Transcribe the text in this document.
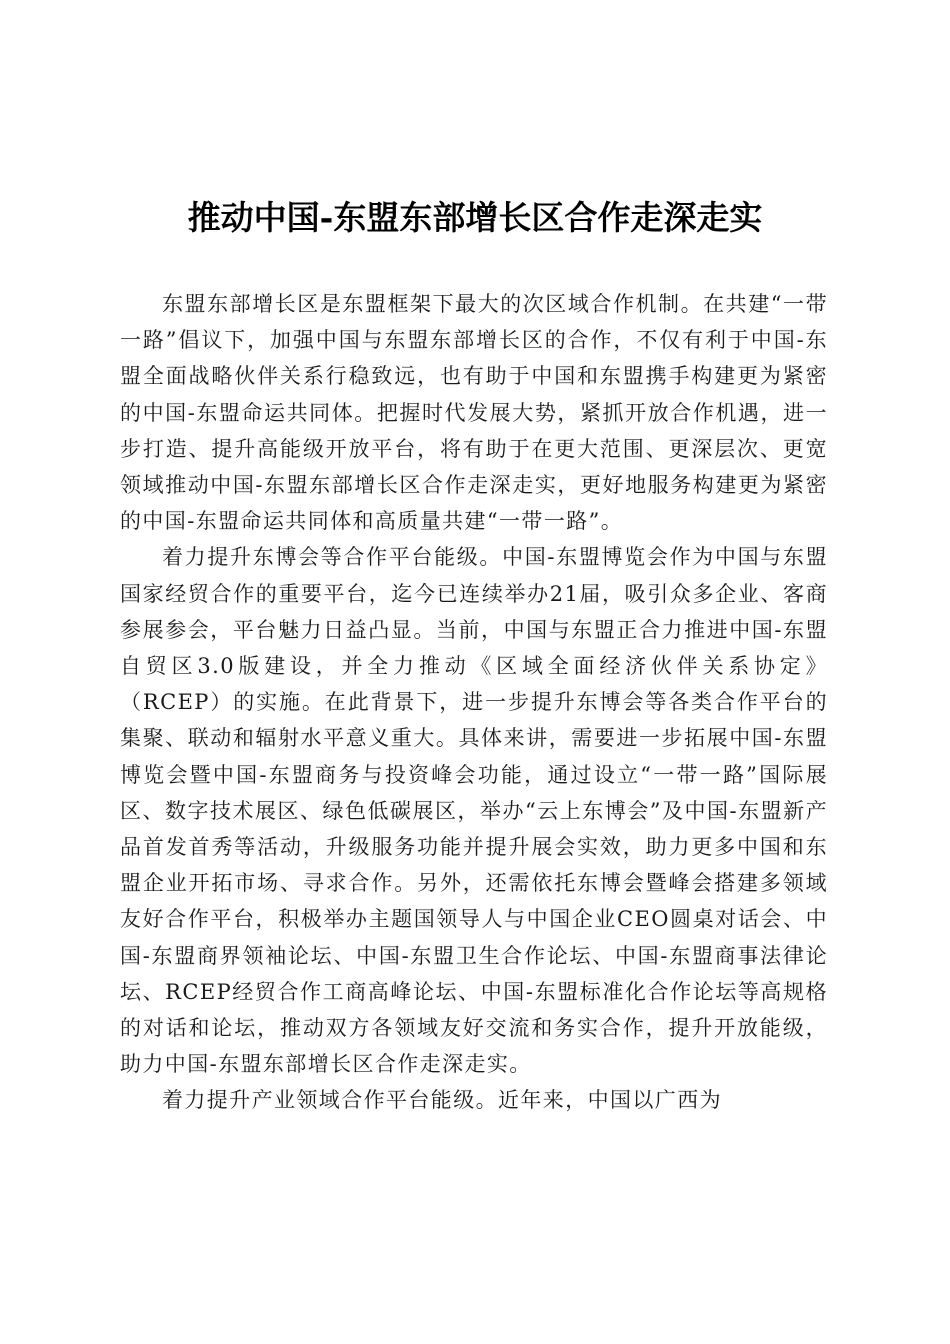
推动中国-东盟东部增长区合作走深走实

东盟东部增长区是东盟框架下最大的次区域合作机制。在共建“一带一路”倡议下，加强中国与东盟东部增长区的合作，不仅有利于中国-东盟全面战略伙伴关系行稳致远，也有助于中国和东盟携手构建更为紧密的中国-东盟命运共同体。把握时代发展大势，紧抓开放合作机遇，进一步打造、提升高能级开放平台，将有助于在更大范围、更深层次、更宽领域推动中国-东盟东部增长区合作走深走实，更好地服务构建更为紧密的中国-东盟命运共同体和高质量共建“一带一路”。

着力提升东博会等合作平台能级。中国-东盟博览会作为中国与东盟国家经贸合作的重要平台，迄今已连续举办21届，吸引众多企业、客商参展参会，平台魅力日益凸显。当前，中国与东盟正合力推进中国-东盟自贸区3.0版建设，并全力推动《区域全面经济伙伴关系协定》（RCEP）的实施。在此背景下，进一步提升东博会等各类合作平台的集聚、联动和辐射水平意义重大。具体来讲，需要进一步拓展中国-东盟博览会暨中国-东盟商务与投资峰会功能，通过设立“一带一路”国际展区、数字技术展区、绿色低碳展区，举办“云上东博会”及中国-东盟新产品首发首秀等活动，升级服务功能并提升展会实效，助力更多中国和东盟企业开拓市场、寻求合作。另外，还需依托东博会暨峰会搭建多领域友好合作平台，积极举办主题国领导人与中国企业CEO圆桌对话会、中国-东盟商界领袖论坛、中国-东盟卫生合作论坛、中国-东盟商事法律论坛、RCEP经贸合作工商高峰论坛、中国-东盟标准化合作论坛等高规格的对话和论坛，推动双方各领域友好交流和务实合作，提升开放能级，助力中国-东盟东部增长区合作走深走实。

着力提升产业领域合作平台能级。近年来，中国以广西为
